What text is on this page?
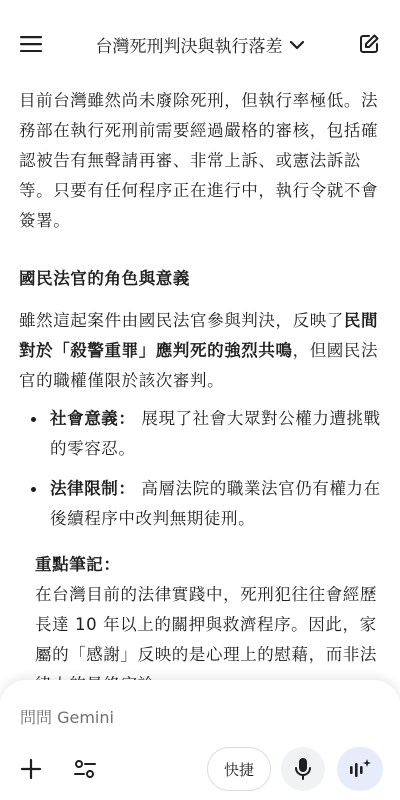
台灣死刑判決與執行落差

目前台灣雖然尚未廢除死刑，但執行率極低。法務部在執行死刑前需要經過嚴格的審核，包括確認被告有無聲請再審、非常上訴、或憲法訴訟等。只要有任何程序正在進行中，執行令就不會簽署。

國民法官的角色與意義

雖然這起案件由國民法官參與判決，反映了民間對於「殺警重罪」應判死的強烈共鳴，但國民法官的職權僅限於該次審判。

社會意義： 展現了社會大眾對公權力遭挑戰的零容忍。
法律限制： 高層法院的職業法官仍有權力在後續程序中改判無期徒刑。
重點筆記：
在台灣目前的法律實踐中，死刑犯往往會經歷長達 10 年以上的關押與救濟程序。因此，家屬的「感謝」反映的是心理上的慰藉，而非法
問問 Gemini
快捷
